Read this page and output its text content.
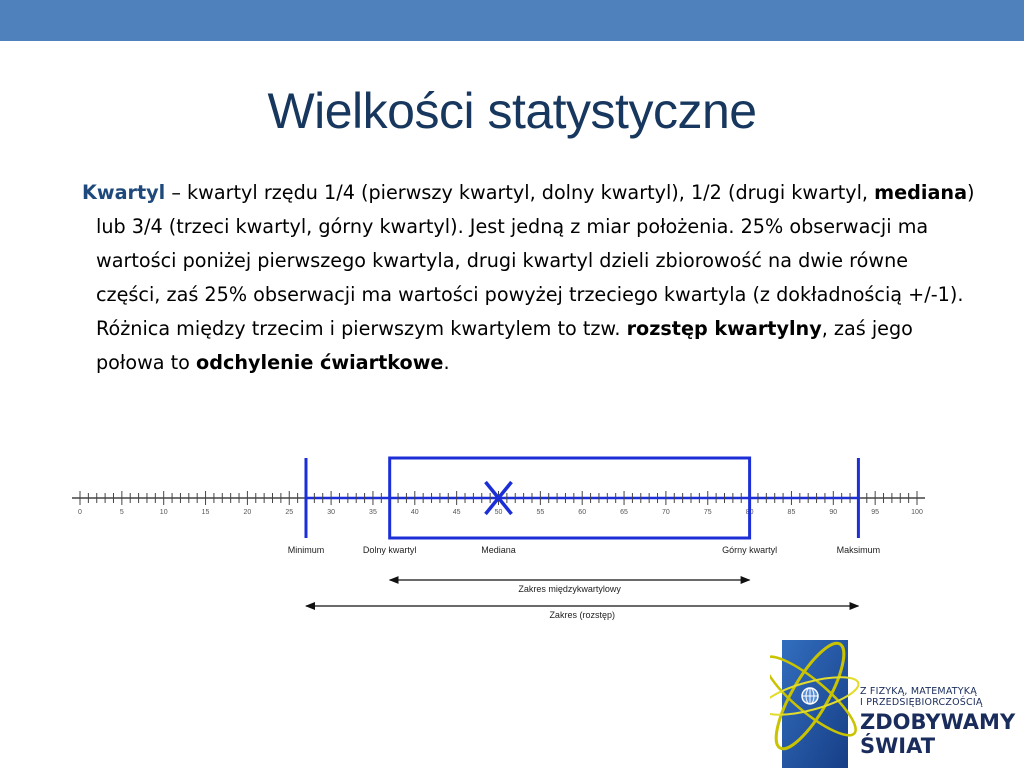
Wielkości statystyczne

Kwartyl – kwartyl rzędu 1/4 (pierwszy kwartyl, dolny kwartyl), 1/2 (drugi kwartyl, mediana) lub 3/4 (trzeci kwartyl, górny kwartyl). Jest jedną z miar położenia. 25% obserwacji ma wartości poniżej pierwszego kwartyla, drugi kwartyl dzieli zbiorowość na dwie równe części, zaś 25% obserwacji ma wartości powyżej trzeciego kwartyla (z dokładnością +/-1). Różnica między trzecim i pierwszym kwartylem to tzw. rozstęp kwartylny, zaś jego połowa to odchylenie ćwiartkowe.

0	5	10	15	20	25	30	35	40	45	50	55	60	65	70	75	80	85	90	95	100
Minimum	Dolny kwartyl	Mediana	Górny kwartyl	Maksimum
Zakres międzykwartylowy
Zakres (rozstęp)
Z FIZYKĄ, MATEMATYKĄ
I PRZEDSIĘBIORCZOŚCIĄ
ZDOBYWAMY
ŚWIAT
